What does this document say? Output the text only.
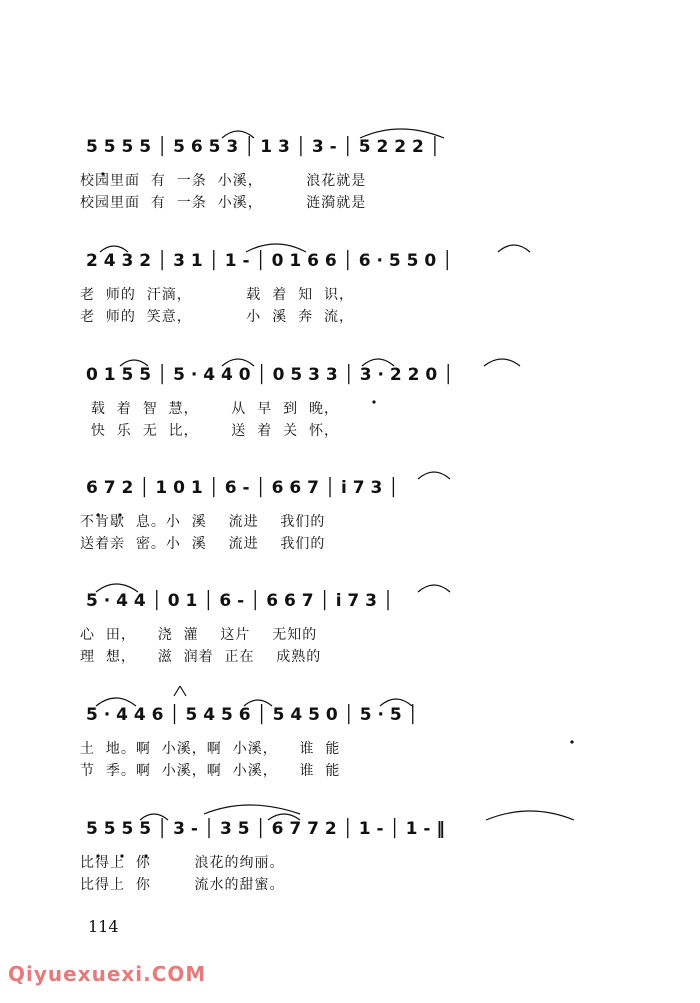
5 5 5 5 │ 5 6 5 3 │ 1 3 │ 3 - │ 5 2 2 2 │
校园里面  有  一条  小溪，        浪花就是
校园里面  有  一条  小溪，        涟漪就是
2 4 3 2 │ 3 1 │ 1 - │ 0 1 6 6 │ 6 · 5 5 0 │
老  师的  汗滴，          载  着  知  识，
老  师的  笑意，          小  溪  奔  流，
0 1 5 5 │ 5 · 4 4 0 │ 0 5 3 3 │ 3 · 2 2 0 │
载  着  智  慧，      从  早  到  晚，
快  乐  无  比，      送  着  关  怀，
6 7 2 │ 1 0 1 │ 6 - │ 6 6 7 │ i 7 3 │
不肯歇  息。小  溪    流进    我们的
送着亲  密。小  溪    流进    我们的
5 · 4 4 │ 0 1 │ 6 - │ 6 6 7 │ i 7 3 │
心  田，    浇  灌    这片    无知的
理  想，    滋  润着  正在    成熟的
5 · 4 4 6 │ 5 4 5 6 │ 5 4 5 0 │ 5 · 5 │
土  地。啊  小溪，啊  小溪，    谁  能
节  季。啊  小溪，啊  小溪，    谁  能
5 5 5 5 │ 3 - │ 3 5 │ 6 7 7 2 │ 1 - │ 1 - ‖
比得上  你        浪花的绚丽。
比得上  你        流水的甜蜜。
114
Qiyuexuexi.COM
